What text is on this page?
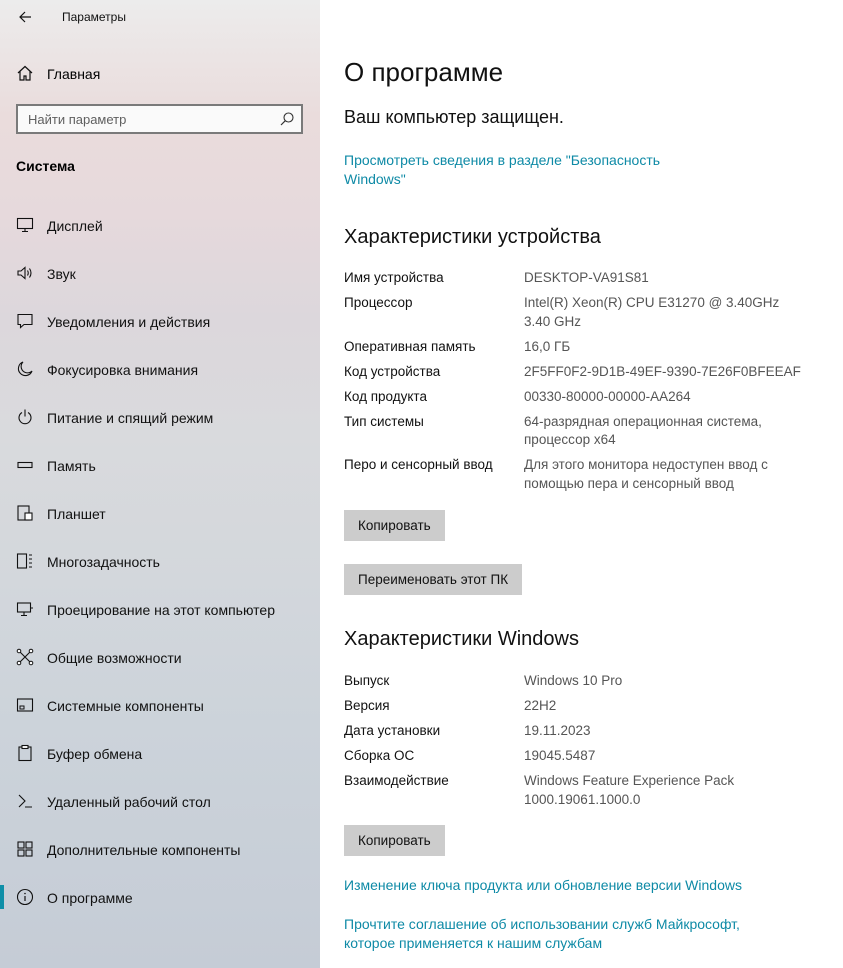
Параметры
Главная
Найти параметр
Система
Дисплей
Звук
Уведомления и действия
Фокусировка внимания
Питание и спящий режим
Память
Планшет
Многозадачность
Проецирование на этот компьютер
Общие возможности
Системные компоненты
Буфер обмена
Удаленный рабочий стол
Дополнительные компоненты
О программе
О программе
Ваш компьютер защищен.
Просмотреть сведения в разделе "Безопасность Windows"
Характеристики устройства
Имя устройства	DESKTOP-VA91S81
Процессор	Intel(R) Xeon(R) CPU E31270 @ 3.40GHz 3.40 GHz
Оперативная память	16,0 ГБ
Код устройства	2F5FF0F2-9D1B-49EF-9390-7E26F0BFEEAF
Код продукта	00330-80000-00000-AA264
Тип системы	64-разрядная операционная система, процессор x64
Перо и сенсорный ввод	Для этого монитора недоступен ввод с помощью пера и сенсорный ввод
Копировать
Переименовать этот ПК
Характеристики Windows
Выпуск	Windows 10 Pro
Версия	22H2
Дата установки	19.11.2023
Сборка ОС	19045.5487
Взаимодействие	Windows Feature Experience Pack 1000.19061.1000.0
Копировать
Изменение ключа продукта или обновление версии Windows
Прочтите соглашение об использовании служб Майкрософт, которое применяется к нашим службам
